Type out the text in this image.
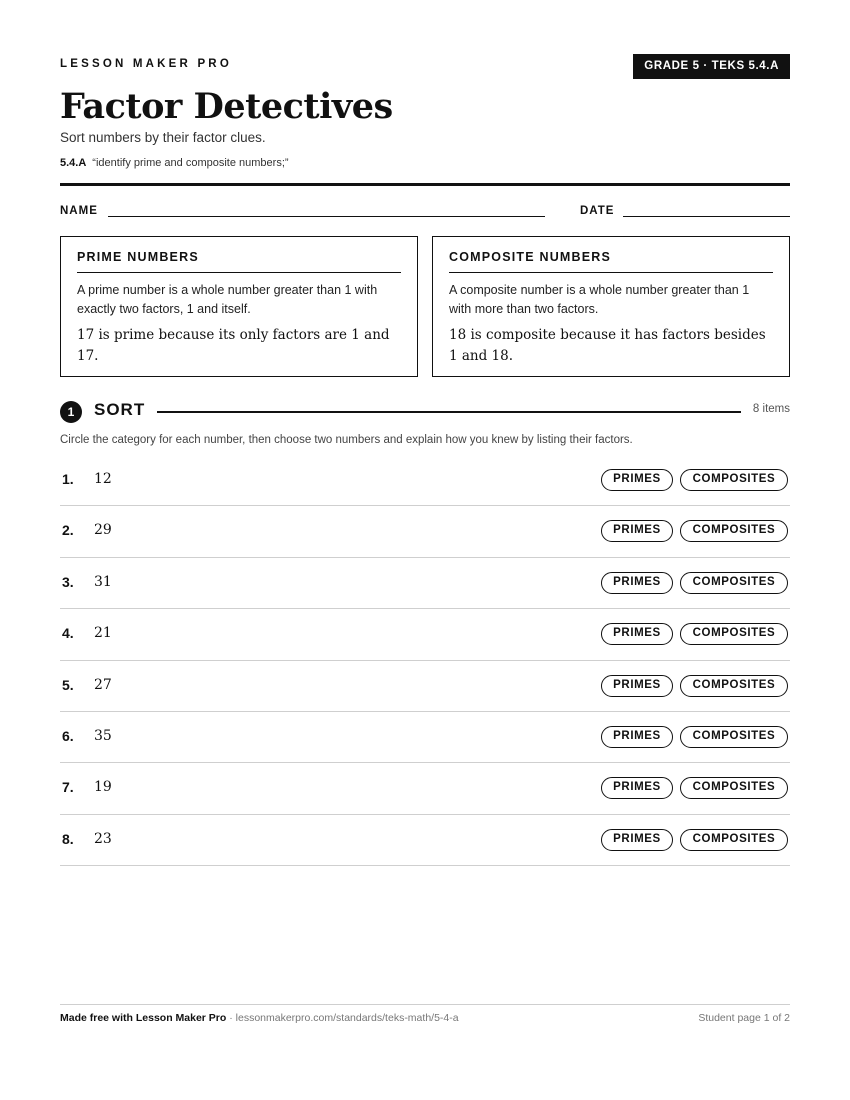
LESSON MAKER PRO	GRADE 5 · TEKS 5.4.A
Factor Detectives
Sort numbers by their factor clues.
5.4.A “identify prime and composite numbers;”
NAME	DATE
PRIME NUMBERS
A prime number is a whole number greater than 1 with exactly two factors, 1 and itself.
17 is prime because its only factors are 1 and 17.
COMPOSITE NUMBERS
A composite number is a whole number greater than 1 with more than two factors.
18 is composite because it has factors besides 1 and 18.
1	SORT	8 items
Circle the category for each number, then choose two numbers and explain how you knew by listing their factors.
1. 12	PRIMES	COMPOSITES
2. 29	PRIMES	COMPOSITES
3. 31	PRIMES	COMPOSITES
4. 21	PRIMES	COMPOSITES
5. 27	PRIMES	COMPOSITES
6. 35	PRIMES	COMPOSITES
7. 19	PRIMES	COMPOSITES
8. 23	PRIMES	COMPOSITES
Made free with Lesson Maker Pro · lessonmakerpro.com/standards/teks-math/5-4-a	Student page 1 of 2
